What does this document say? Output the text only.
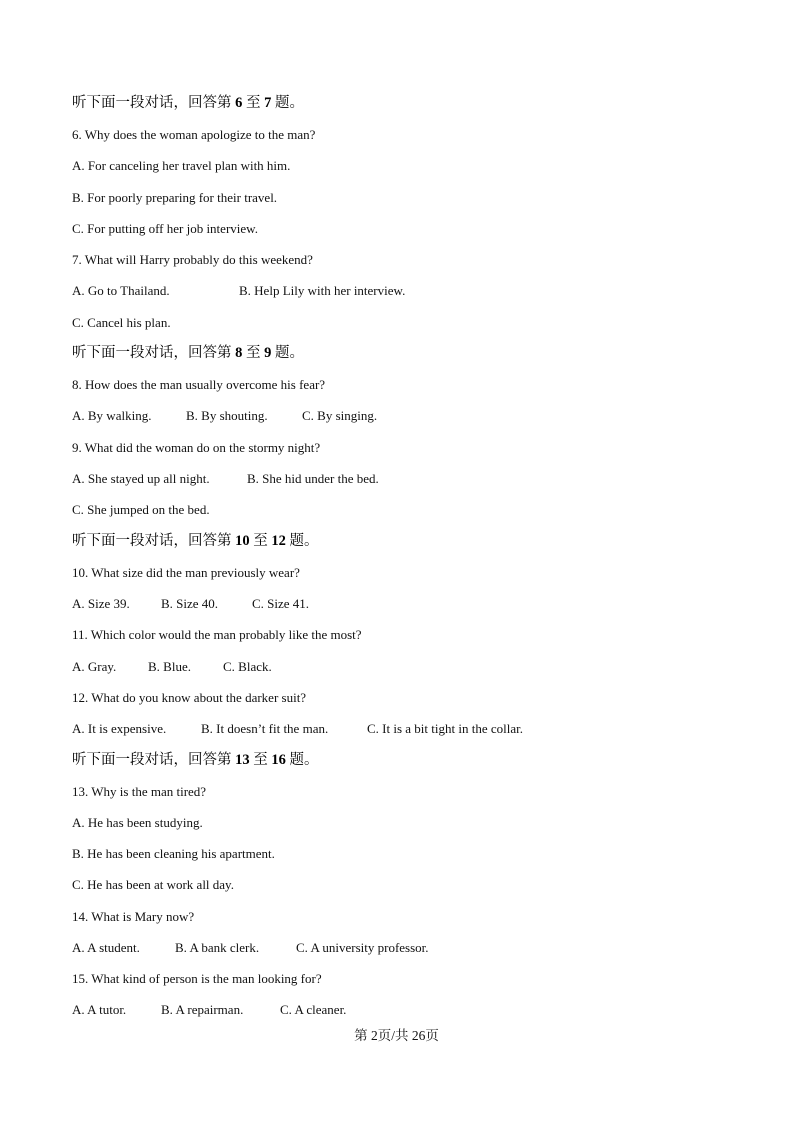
听下面一段对话，回答第 6 至 7 题。
6. Why does the woman apologize to the man?
A. For canceling her travel plan with him.
B. For poorly preparing for their travel.
C. For putting off her job interview.
7. What will Harry probably do this weekend?
A. Go to Thailand.	B. Help Lily with her interview.
C. Cancel his plan.
听下面一段对话，回答第 8 至 9 题。
8. How does the man usually overcome his fear?
A. By walking.	B. By shouting.	C. By singing.
9. What did the woman do on the stormy night?
A. She stayed up all night.	B. She hid under the bed.
C. She jumped on the bed.
听下面一段对话，回答第 10 至 12 题。
10. What size did the man previously wear?
A. Size 39. B. Size 40.	C. Size 41.
11. Which color would the man probably like the most?
A. Gray. B. Blue. C. Black.
12. What do you know about the darker suit?
A. It is expensive.	B. It doesn’t fit the man.	C. It is a bit tight in the collar.
听下面一段对话，回答第 13 至 16 题。
13. Why is the man tired?
A. He has been studying.
B. He has been cleaning his apartment.
C. He has been at work all day.
14. What is Mary now?
A. A student.	B. A bank clerk.	C. A university professor.
15. What kind of person is the man looking for?
A. A tutor.	B. A repairman.	C. A cleaner.
第 2页/共 26页
